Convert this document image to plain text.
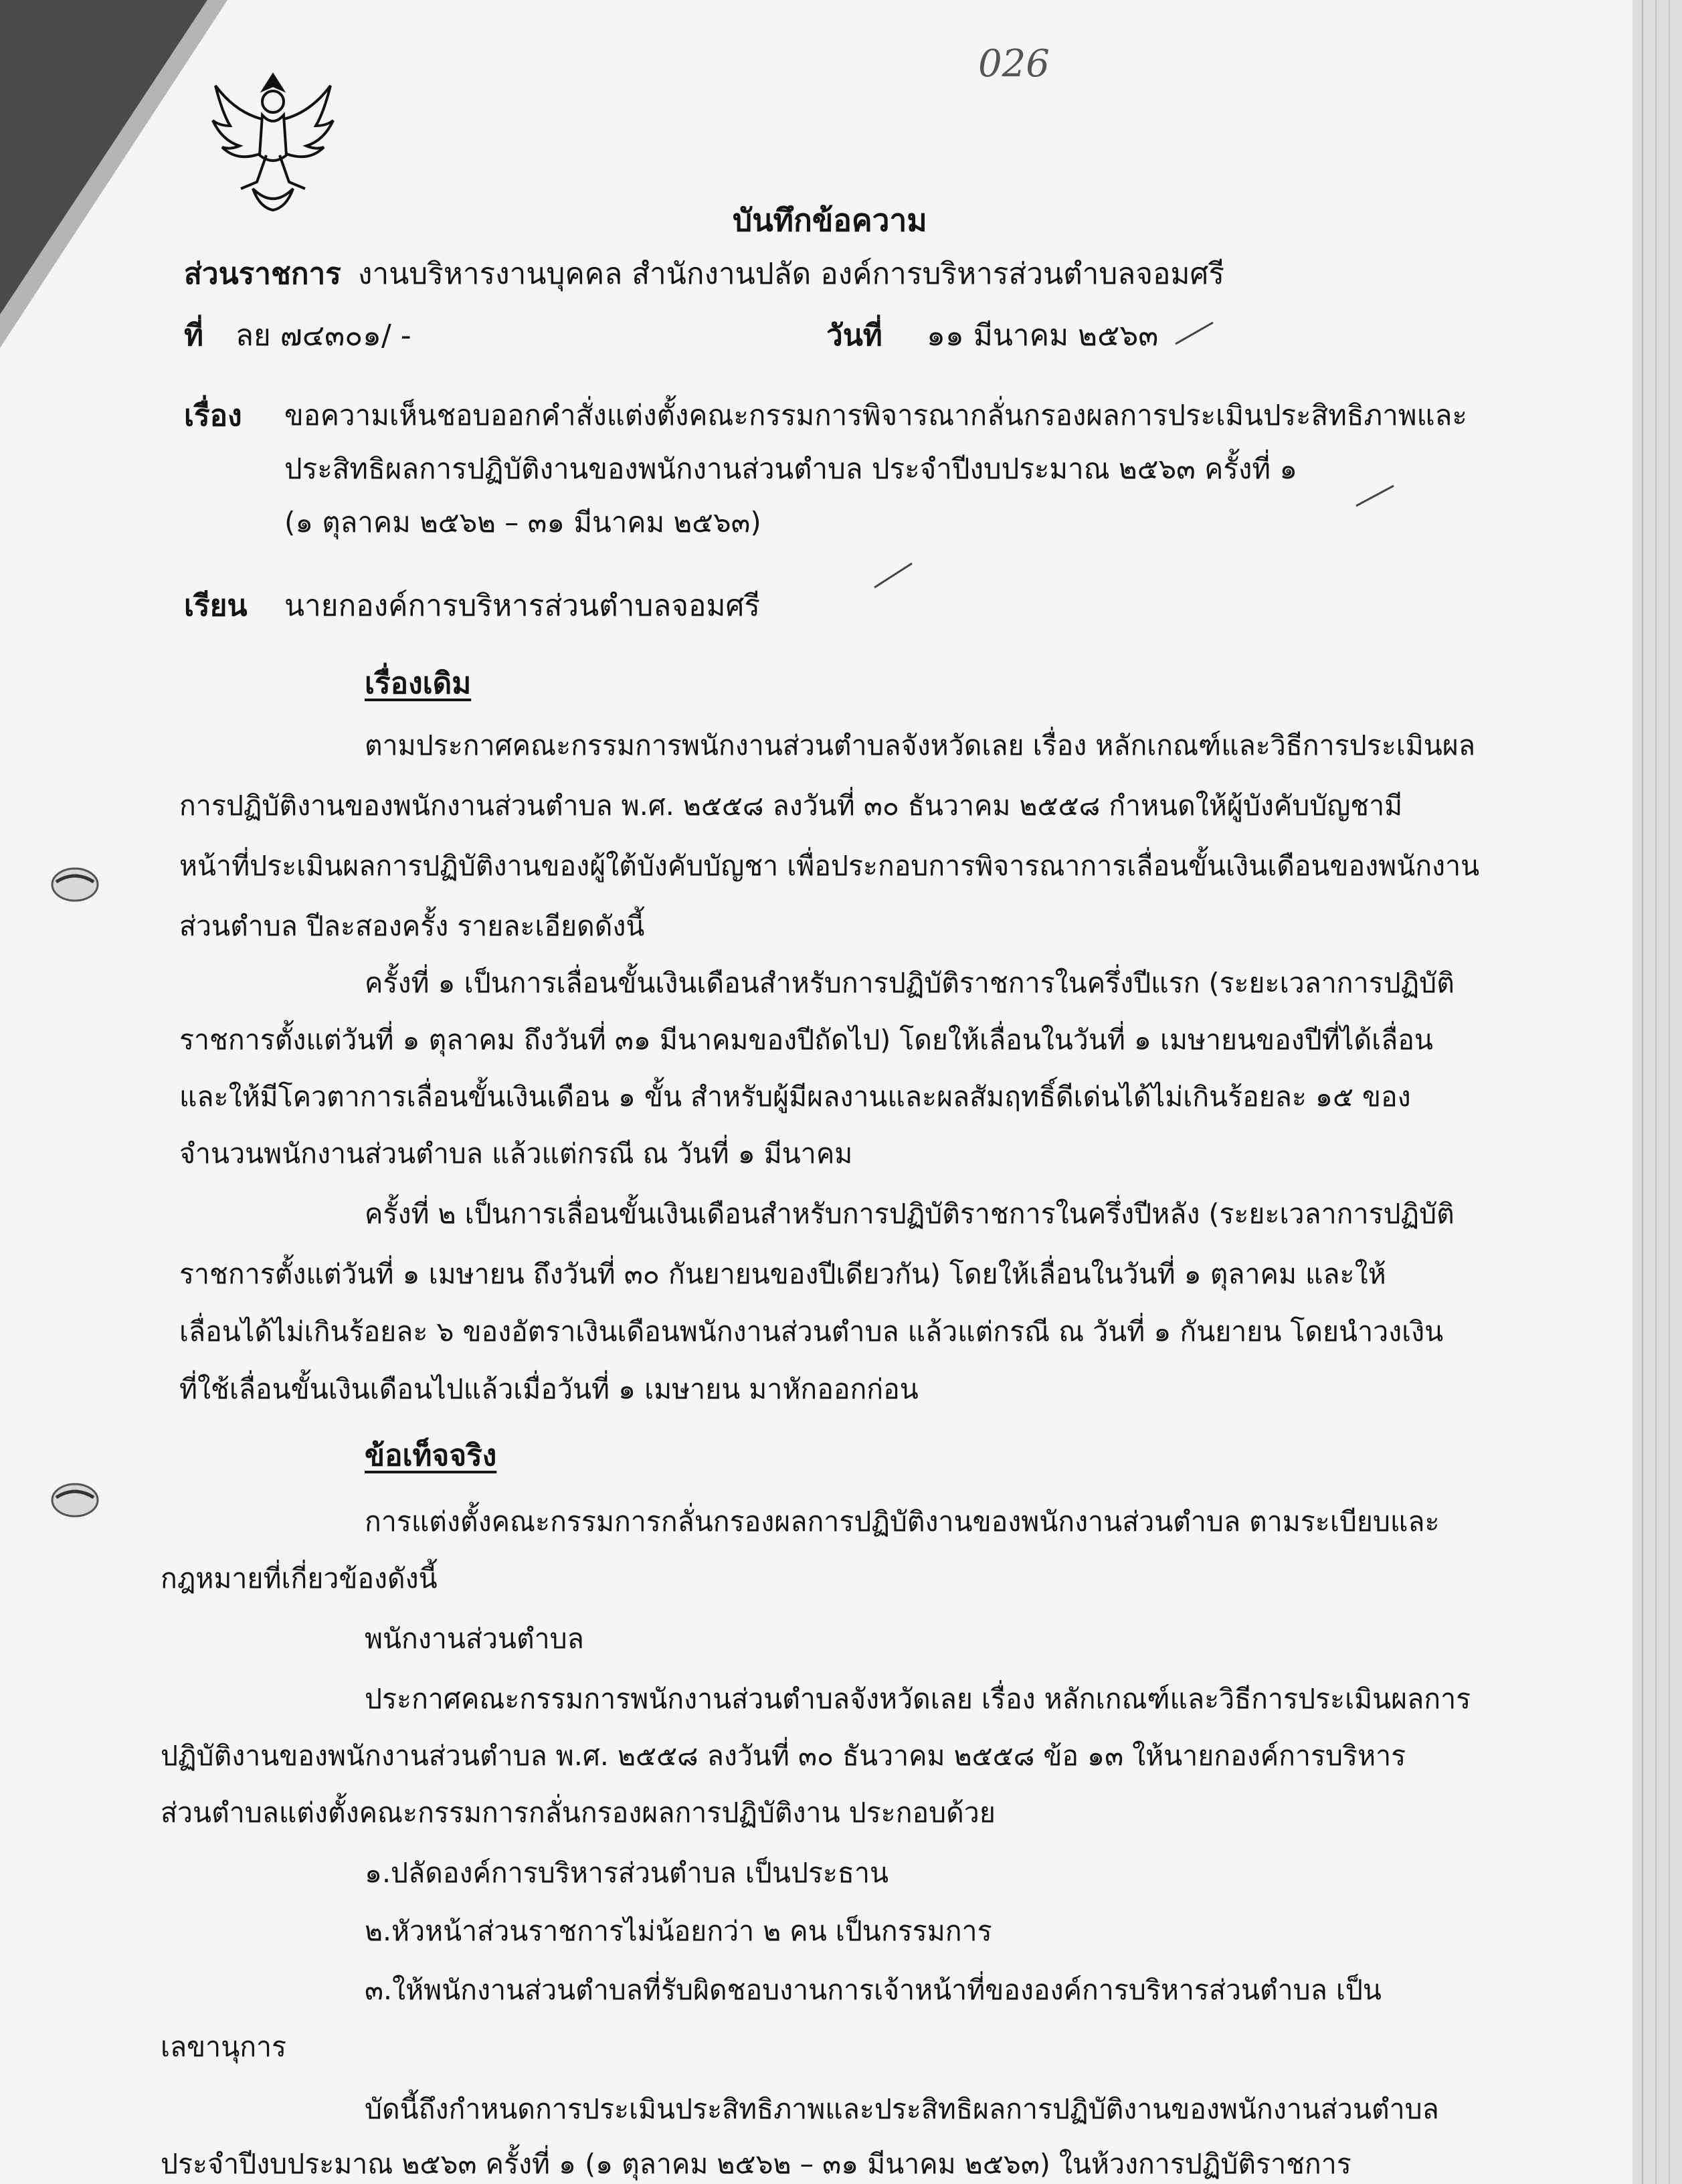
026
บันทึกข้อความ
ส่วนราชการ งานบริหารงานบุคคล สำนักงานปลัด องค์การบริหารส่วนตำบลจอมศรี
ที่ ลย ๗๔๓๐๑/ -	วันที่ ๑๑ มีนาคม ๒๕๖๓
เรื่อง ขอความเห็นชอบออกคำสั่งแต่งตั้งคณะกรรมการพิจารณากลั่นกรองผลการประเมินประสิทธิภาพและ
ประสิทธิผลการปฏิบัติงานของพนักงานส่วนตำบล ประจำปีงบประมาณ ๒๕๖๓ ครั้งที่ ๑
(๑ ตุลาคม ๒๕๖๒ – ๓๑ มีนาคม ๒๕๖๓)
เรียน นายกองค์การบริหารส่วนตำบลจอมศรี
เรื่องเดิม
ตามประกาศคณะกรรมการพนักงานส่วนตำบลจังหวัดเลย เรื่อง หลักเกณฑ์และวิธีการประเมินผล
การปฏิบัติงานของพนักงานส่วนตำบล พ.ศ. ๒๕๕๘ ลงวันที่ ๓๐ ธันวาคม ๒๕๕๘ กำหนดให้ผู้บังคับบัญชามี
หน้าที่ประเมินผลการปฏิบัติงานของผู้ใต้บังคับบัญชา เพื่อประกอบการพิจารณาการเลื่อนขั้นเงินเดือนของพนักงาน
ส่วนตำบล ปีละสองครั้ง รายละเอียดดังนี้
ครั้งที่ ๑ เป็นการเลื่อนขั้นเงินเดือนสำหรับการปฏิบัติราชการในครึ่งปีแรก (ระยะเวลาการปฏิบัติ
ราชการตั้งแต่วันที่ ๑ ตุลาคม ถึงวันที่ ๓๑ มีนาคมของปีถัดไป) โดยให้เลื่อนในวันที่ ๑ เมษายนของปีที่ได้เลื่อน
และให้มีโควตาการเลื่อนขั้นเงินเดือน ๑ ขั้น สำหรับผู้มีผลงานและผลสัมฤทธิ์ดีเด่นได้ไม่เกินร้อยละ ๑๕ ของ
จำนวนพนักงานส่วนตำบล แล้วแต่กรณี ณ วันที่ ๑ มีนาคม
ครั้งที่ ๒ เป็นการเลื่อนขั้นเงินเดือนสำหรับการปฏิบัติราชการในครึ่งปีหลัง (ระยะเวลาการปฏิบัติ
ราชการตั้งแต่วันที่ ๑ เมษายน ถึงวันที่ ๓๐ กันยายนของปีเดียวกัน) โดยให้เลื่อนในวันที่ ๑ ตุลาคม และให้
เลื่อนได้ไม่เกินร้อยละ ๖ ของอัตราเงินเดือนพนักงานส่วนตำบล แล้วแต่กรณี ณ วันที่ ๑ กันยายน โดยนำวงเงิน
ที่ใช้เลื่อนขั้นเงินเดือนไปแล้วเมื่อวันที่ ๑ เมษายน มาหักออกก่อน
ข้อเท็จจริง
การแต่งตั้งคณะกรรมการกลั่นกรองผลการปฏิบัติงานของพนักงานส่วนตำบล ตามระเบียบและ
กฎหมายที่เกี่ยวข้องดังนี้
พนักงานส่วนตำบล
ประกาศคณะกรรมการพนักงานส่วนตำบลจังหวัดเลย เรื่อง หลักเกณฑ์และวิธีการประเมินผลการ
ปฏิบัติงานของพนักงานส่วนตำบล พ.ศ. ๒๕๕๘ ลงวันที่ ๓๐ ธันวาคม ๒๕๕๘ ข้อ ๑๓ ให้นายกองค์การบริหาร
ส่วนตำบลแต่งตั้งคณะกรรมการกลั่นกรองผลการปฏิบัติงาน ประกอบด้วย
๑.ปลัดองค์การบริหารส่วนตำบล เป็นประธาน
๒.หัวหน้าส่วนราชการไม่น้อยกว่า ๒ คน เป็นกรรมการ
๓.ให้พนักงานส่วนตำบลที่รับผิดชอบงานการเจ้าหน้าที่ขององค์การบริหารส่วนตำบล เป็น
เลขานุการ
บัดนี้ถึงกำหนดการประเมินประสิทธิภาพและประสิทธิผลการปฏิบัติงานของพนักงานส่วนตำบล
ประจำปีงบประมาณ ๒๕๖๓ ครั้งที่ ๑ (๑ ตุลาคม ๒๕๖๒ – ๓๑ มีนาคม ๒๕๖๓) ในห้วงการปฏิบัติราชการ
